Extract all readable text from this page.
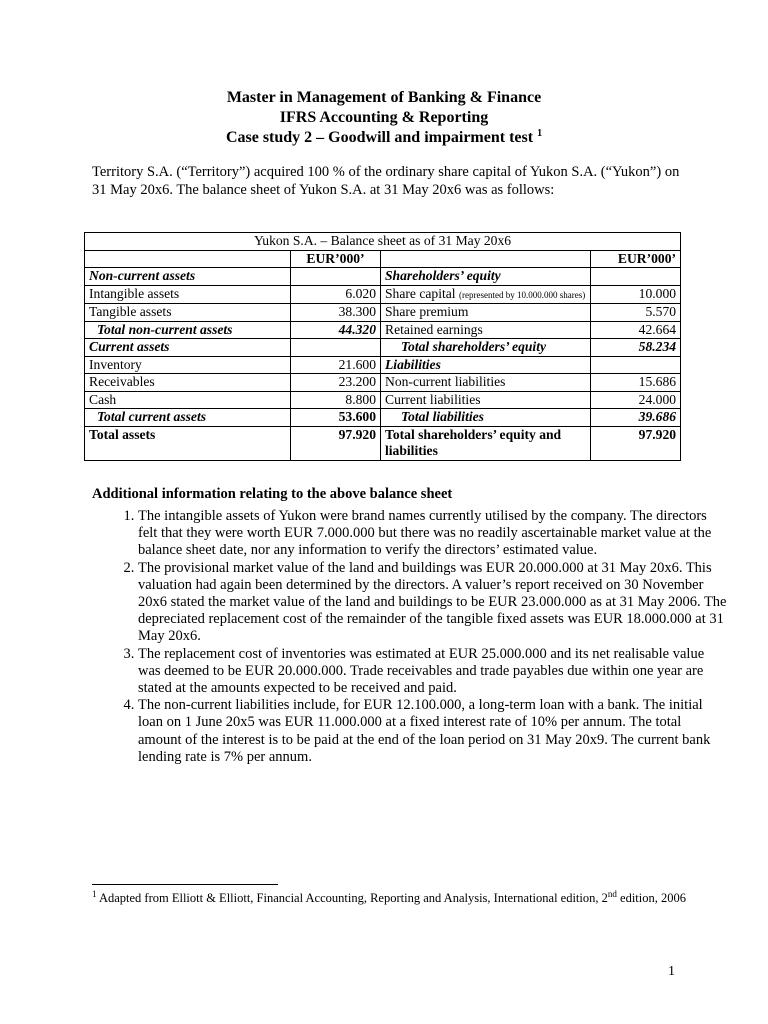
Master in Management of Banking & Finance
IFRS Accounting & Reporting
Case study 2 – Goodwill and impairment test $^1$
Territory S.A. (“Territory”) acquired 100 % of the ordinary share capital of Yukon S.A. (“Yukon”) on 31 May 20x6. The balance sheet of Yukon S.A. at 31 May 20x6 was as follows:
Yukon S.A. – Balance sheet as of 31 May 20x6			
	EUR’000’		EUR’000’
Non-current assets		Shareholders’ equity	
Intangible assets	6.020	Share capital (represented by 10.000.000 shares)	10.000
Tangible assets	38.300	Share premium	5.570
Total non-current assets	44.320	Retained earnings	42.664
Current assets		Total shareholders’ equity	58.234
Inventory	21.600	Liabilities	
Receivables	23.200	Non-current liabilities	15.686
Cash	8.800	Current liabilities	24.000
Total current assets	53.600	Total liabilities	39.686
Total assets	97.920	Total shareholders’ equity and liabilities	97.920
Additional information relating to the above balance sheet
1. The intangible assets of Yukon were brand names currently utilised by the company. The directors felt that they were worth EUR 7.000.000 but there was no readily ascertainable market value at the balance sheet date, nor any information to verify the directors’ estimated value.
2. The provisional market value of the land and buildings was EUR 20.000.000 at 31 May 20x6. This valuation had again been determined by the directors. A valuer’s report received on 30 November 20x6 stated the market value of the land and buildings to be EUR 23.000.000 as at 31 May 2006. The depreciated replacement cost of the remainder of the tangible fixed assets was EUR 18.000.000 at 31 May 20x6.
3. The replacement cost of inventories was estimated at EUR 25.000.000 and its net realisable value was deemed to be EUR 20.000.000. Trade receivables and trade payables due within one year are stated at the amounts expected to be received and paid.
4. The non-current liabilities include, for EUR 12.100.000, a long-term loan with a bank. The initial loan on 1 June 20x5 was EUR 11.000.000 at a fixed interest rate of 10% per annum. The total amount of the interest is to be paid at the end of the loan period on 31 May 20x9. The current bank lending rate is 7% per annum.
$^1$ Adapted from Elliott & Elliott, Financial Accounting, Reporting and Analysis, International edition, 2nd edition, 2006
1
